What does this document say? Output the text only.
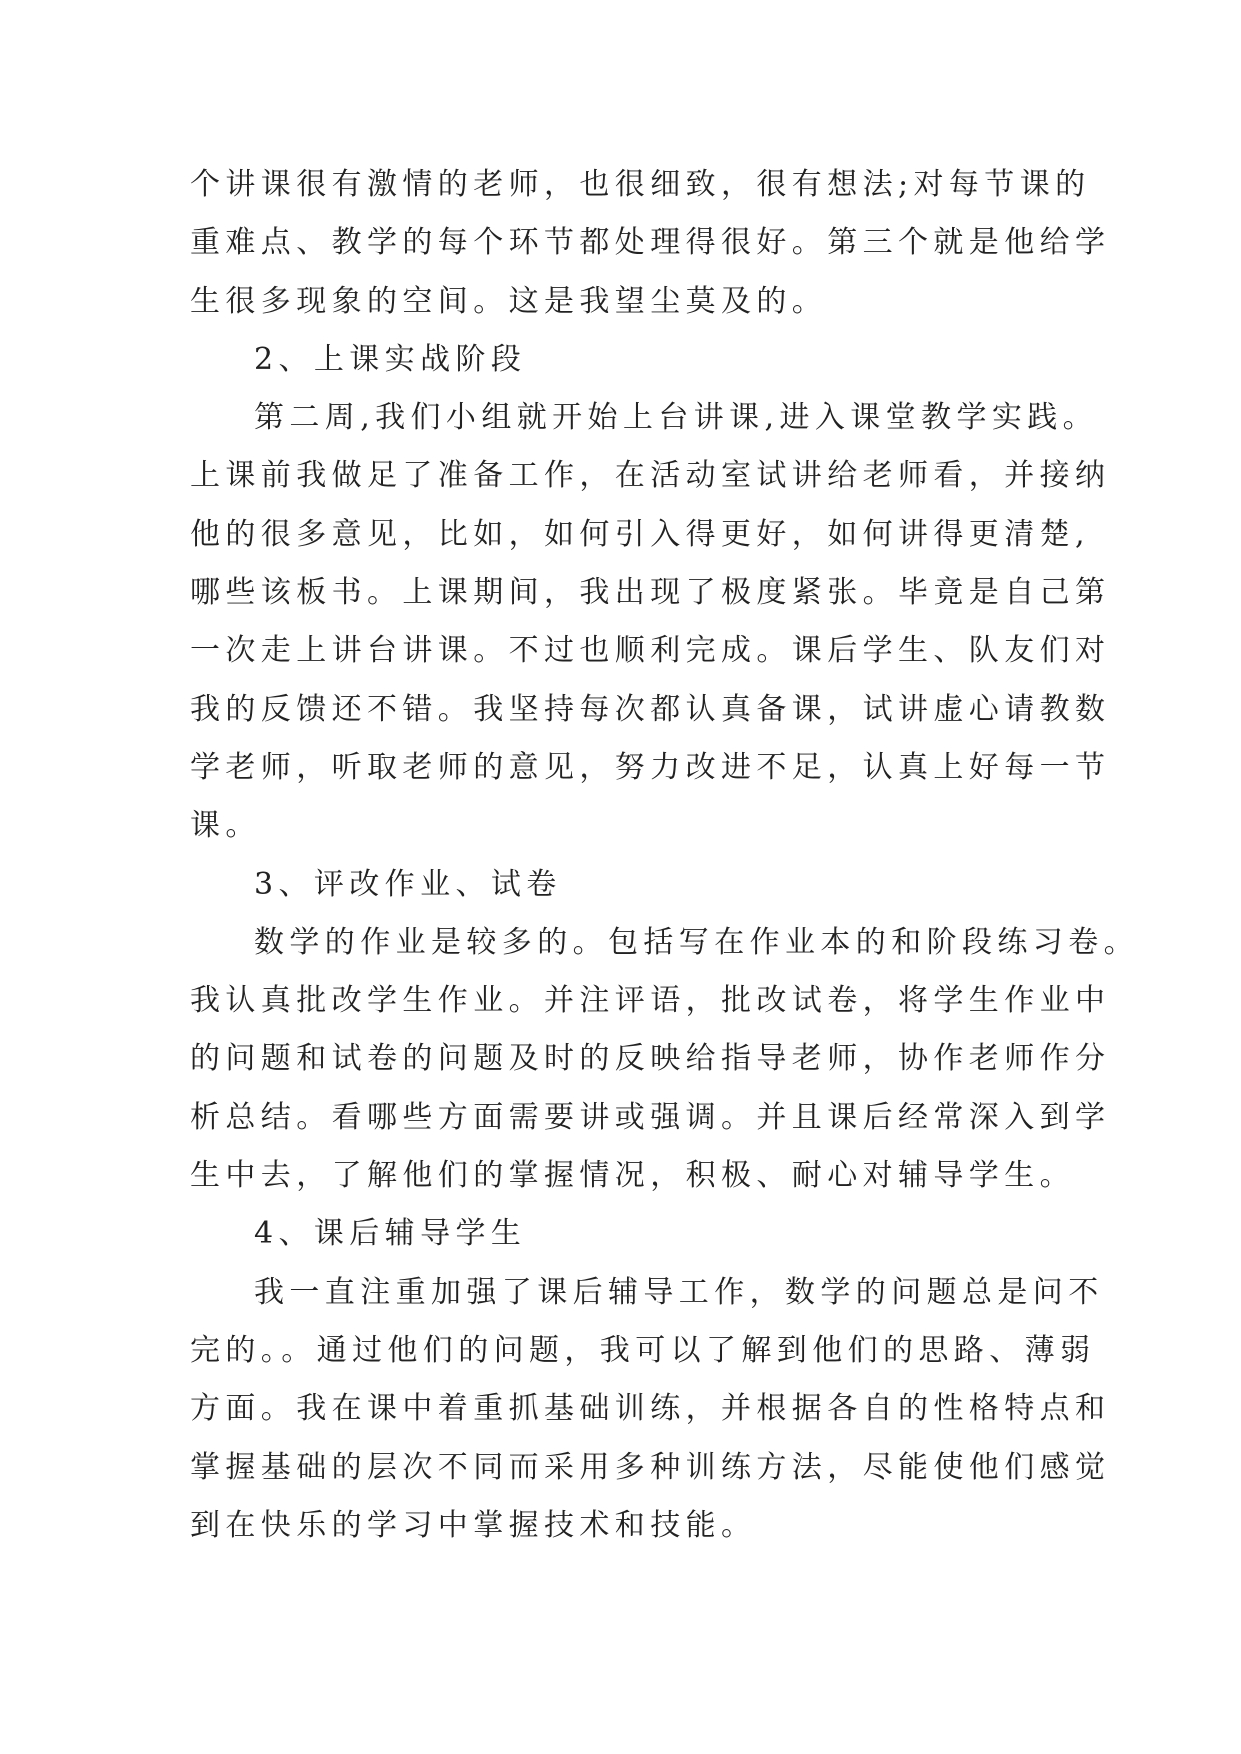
个讲课很有激情的老师，也很细致，很有想法;对每节课的
重难点、教学的每个环节都处理得很好。第三个就是他给学
生很多现象的空间。这是我望尘莫及的。
2、上课实战阶段
第二周,我们小组就开始上台讲课,进入课堂教学实践。
上课前我做足了准备工作，在活动室试讲给老师看，并接纳
他的很多意见，比如，如何引入得更好，如何讲得更清楚,
哪些该板书。上课期间，我出现了极度紧张。毕竟是自己第
一次走上讲台讲课。不过也顺利完成。课后学生、队友们对
我的反馈还不错。我坚持每次都认真备课，试讲虚心请教数
学老师，听取老师的意见，努力改进不足，认真上好每一节
课。
3、评改作业、试卷
数学的作业是较多的。包括写在作业本的和阶段练习卷。
我认真批改学生作业。并注评语，批改试卷，将学生作业中
的问题和试卷的问题及时的反映给指导老师，协作老师作分
析总结。看哪些方面需要讲或强调。并且课后经常深入到学
生中去，了解他们的掌握情况，积极、耐心对辅导学生。
4、课后辅导学生
我一直注重加强了课后辅导工作，数学的问题总是问不
完的。。通过他们的问题，我可以了解到他们的思路、薄弱
方面。我在课中着重抓基础训练，并根据各自的性格特点和
掌握基础的层次不同而采用多种训练方法，尽能使他们感觉
到在快乐的学习中掌握技术和技能。
